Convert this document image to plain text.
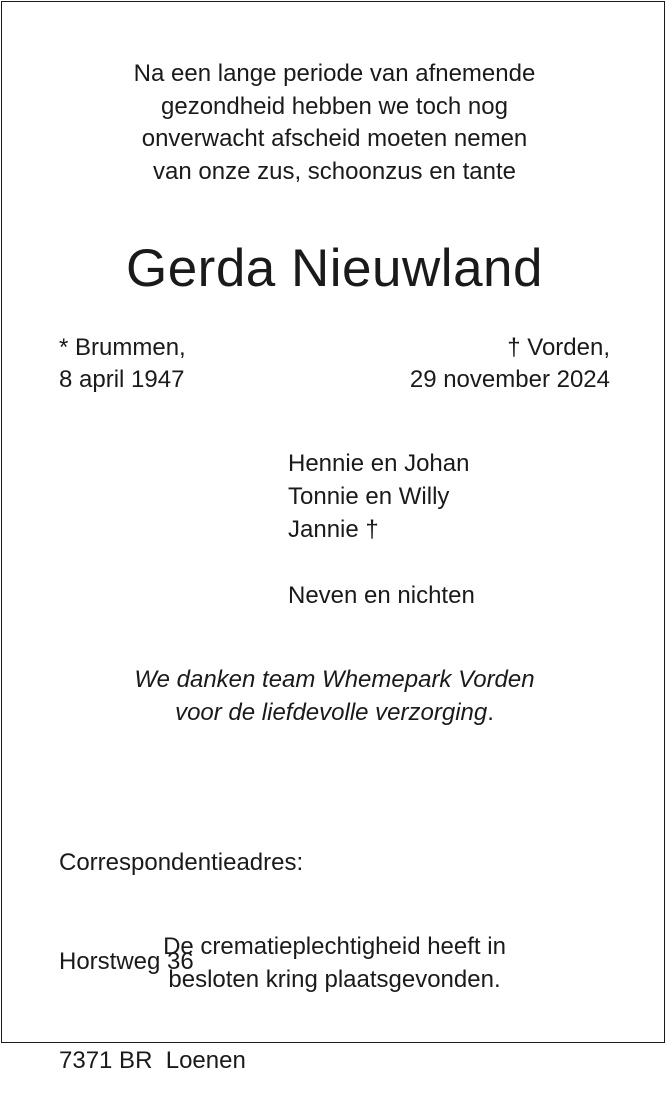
Na een lange periode van afnemende
gezondheid hebben we toch nog
onverwacht afscheid moeten nemen
van onze zus, schoonzus en tante
Gerda Nieuwland
* Brummen,
8 april 1947
† Vorden,
29 november 2024
Hennie en Johan
Tonnie en Willy
Jannie †
Neven en nichten
We danken team Whemepark Vorden
voor de liefdevolle verzorging.

Correspondentieadres:

Horstweg 36

7371 BR  Loenen

De crematieplechtigheid heeft in
besloten kring plaatsgevonden.
